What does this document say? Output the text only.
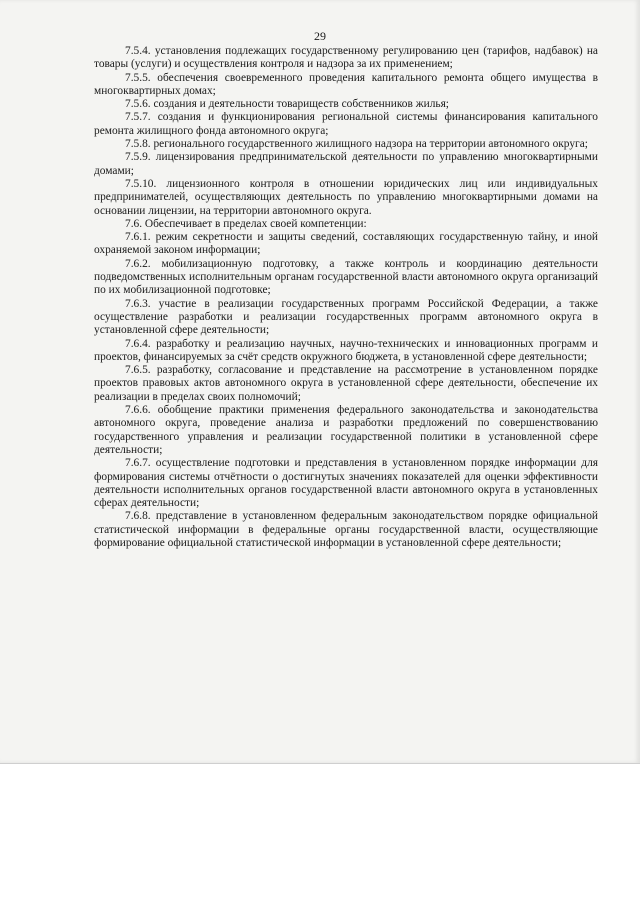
29

7.5.4. установления подлежащих государственному регулированию цен (тарифов, надбавок) на товары (услуги) и осуществления контроля и надзора за их применением;

7.5.5. обеспечения своевременного проведения капитального ремонта общего имущества в многоквартирных домах;

7.5.6. создания и деятельности товариществ собственников жилья;

7.5.7. создания и функционирования региональной системы финансирования капитального ремонта жилищного фонда автономного округа;

7.5.8. регионального государственного жилищного надзора на территории автономного округа;

7.5.9. лицензирования предпринимательской деятельности по управлению многоквартирными домами;

7.5.10. лицензионного контроля в отношении юридических лиц или индивидуальных предпринимателей, осуществляющих деятельность по управлению многоквартирными домами на основании лицензии, на территории автономного округа.

7.6. Обеспечивает в пределах своей компетенции:

7.6.1. режим секретности и защиты сведений, составляющих государственную тайну, и иной охраняемой законом информации;

7.6.2. мобилизационную подготовку, а также контроль и координацию деятельности подведомственных исполнительным органам государственной власти автономного округа организаций по их мобилизационной подготовке;

7.6.3. участие в реализации государственных программ Российской Федерации, а также осуществление разработки и реализации государственных программ автономного округа в установленной сфере деятельности;

7.6.4. разработку и реализацию научных, научно-технических и инновационных программ и проектов, финансируемых за счёт средств окружного бюджета, в установленной сфере деятельности;

7.6.5. разработку, согласование и представление на рассмотрение в установленном порядке проектов правовых актов автономного округа в установленной сфере деятельности, обеспечение их реализации в пределах своих полномочий;

7.6.6. обобщение практики применения федерального законодательства и законодательства автономного округа, проведение анализа и разработки предложений по совершенствованию государственного управления и реализации государственной политики в установленной сфере деятельности;

7.6.7. осуществление подготовки и представления в установленном порядке информации для формирования системы отчётности о достигнутых значениях показателей для оценки эффективности деятельности исполнительных органов государственной власти автономного округа в установленных сферах деятельности;

7.6.8. представление в установленном федеральным законодательством порядке официальной статистической информации в федеральные органы государственной власти, осуществляющие формирование официальной статистической информации в установленной сфере деятельности;
